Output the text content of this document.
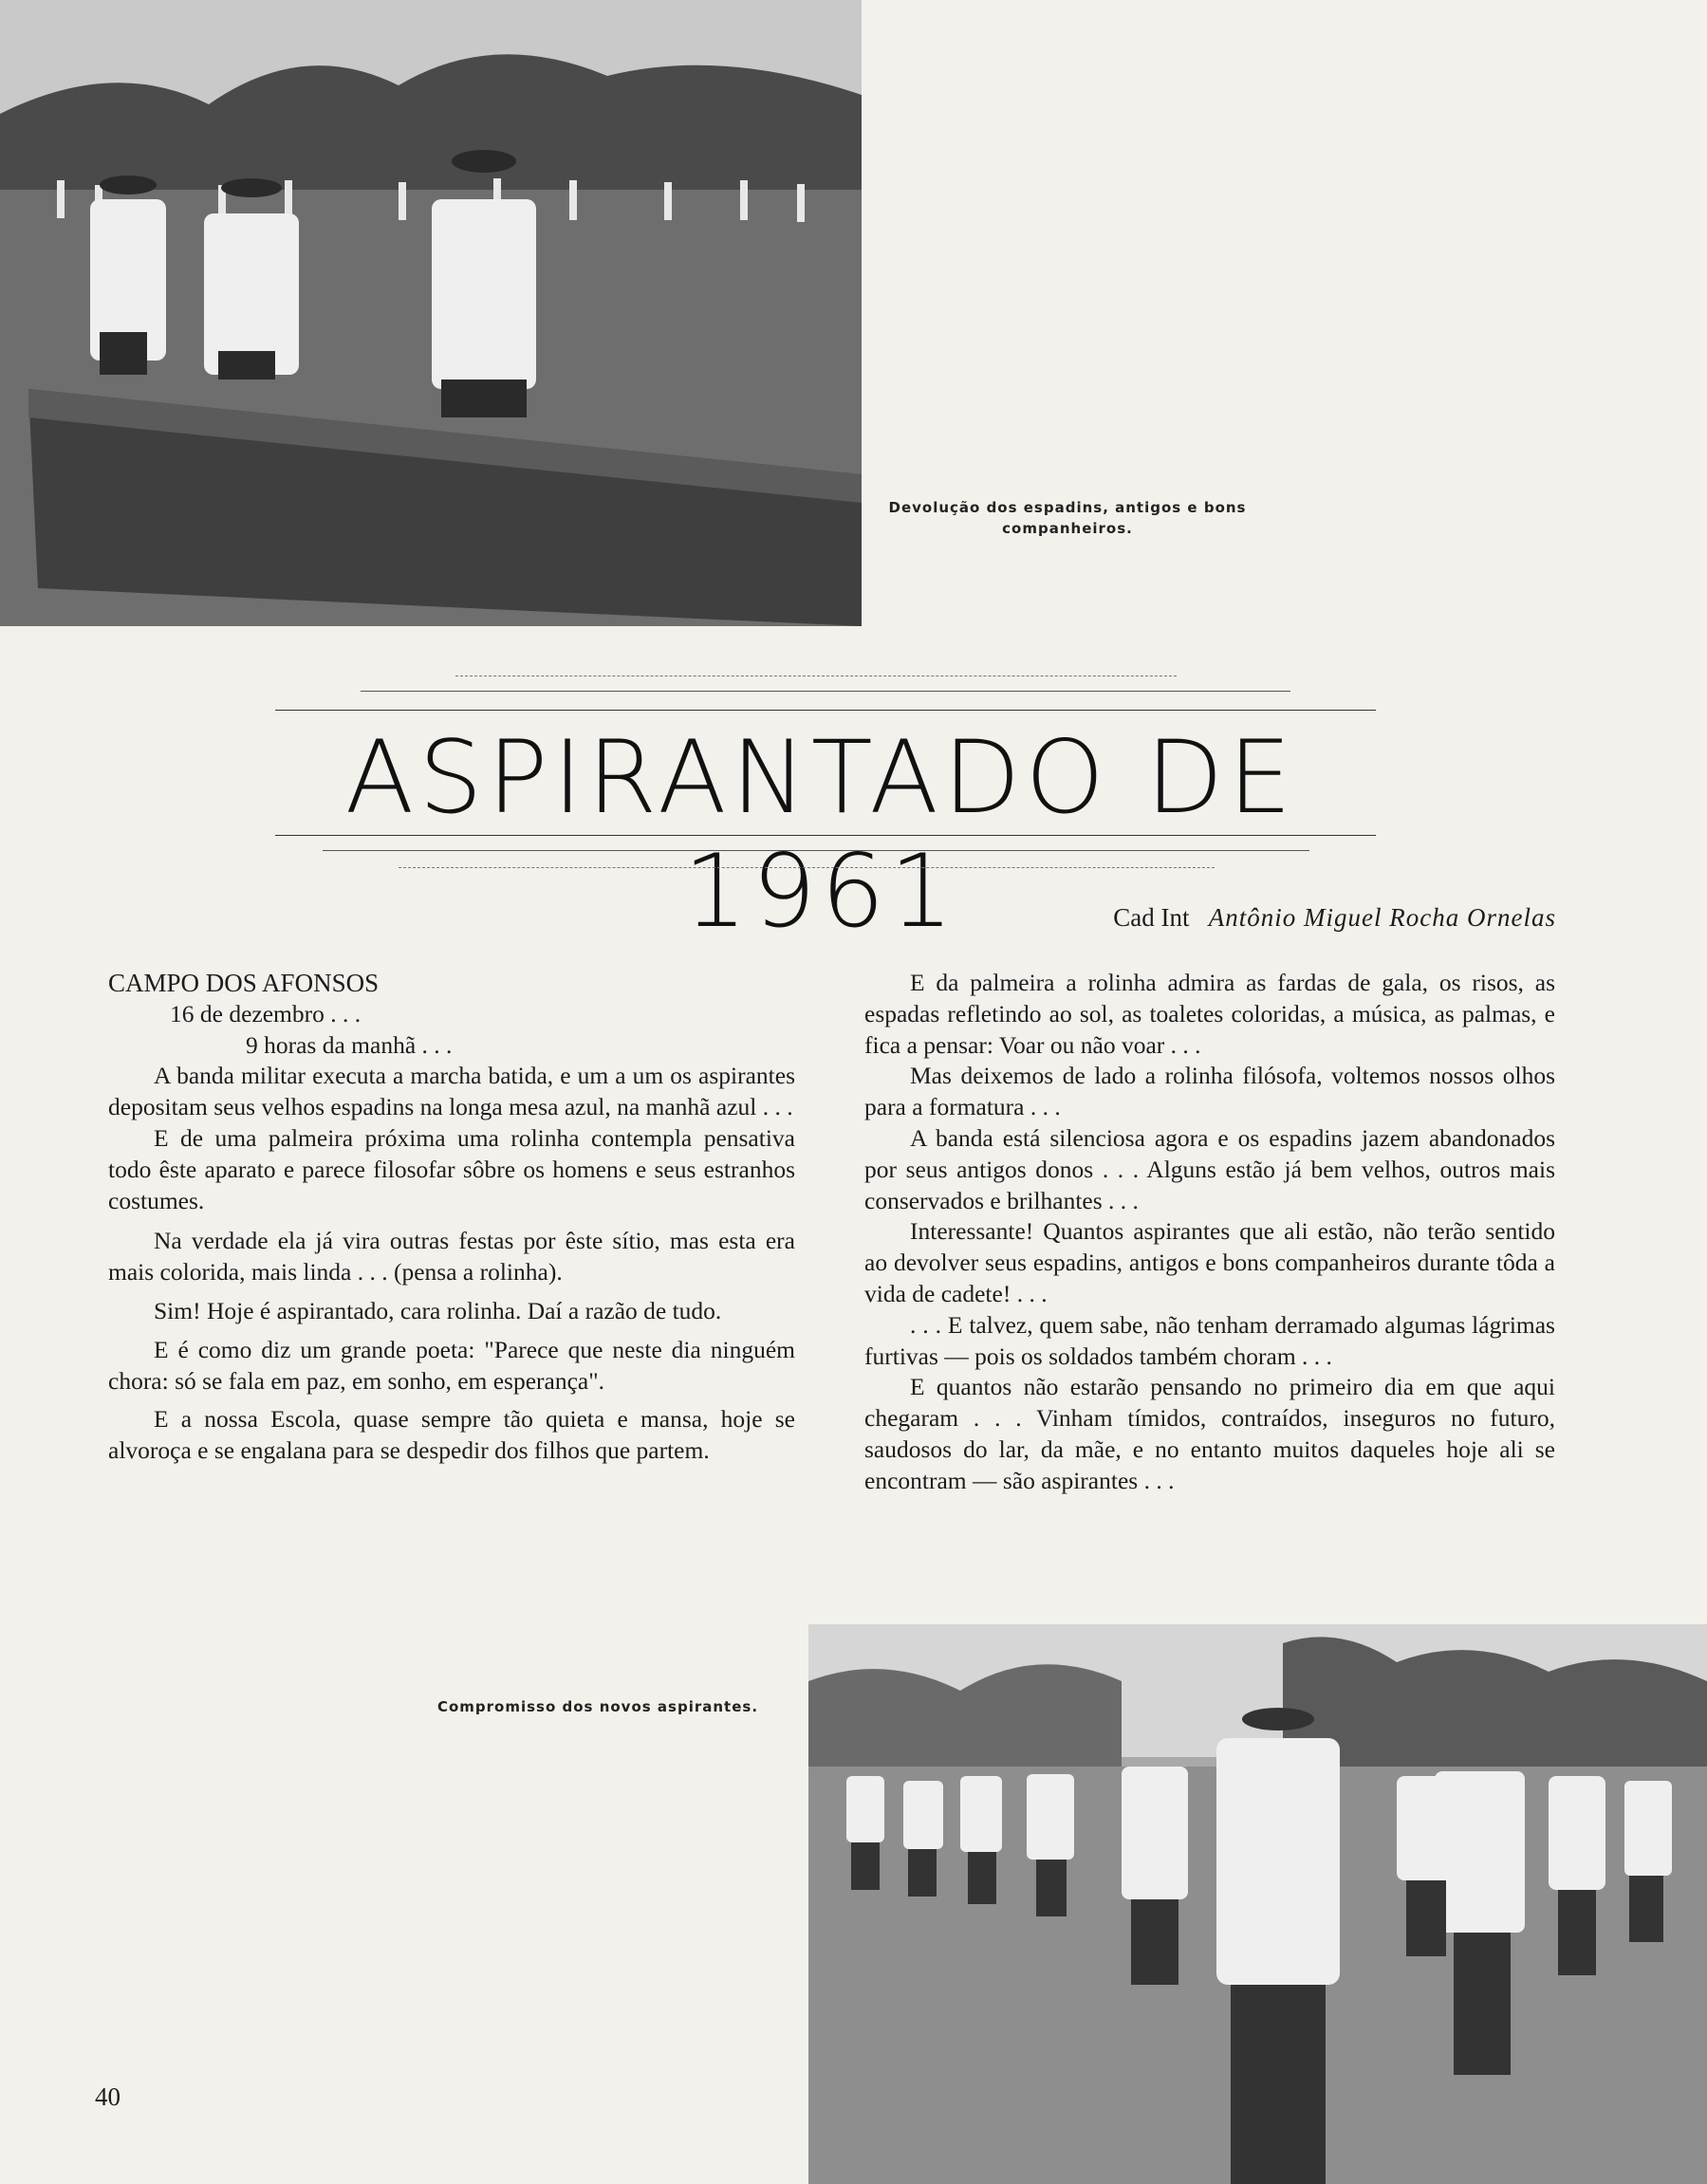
Devolução dos espadins, antigos e bons companheiros.
ASPIRANTADO DE 1961	Cad Int Antônio Miguel Rocha Ornelas

CAMPO DOS AFONSOS

16 de dezembro . . .

9 horas da manhã . . .

A banda militar executa a marcha batida, e um a um os aspirantes depositam seus velhos espadins na longa mesa azul, na manhã azul . . .

E de uma palmeira próxima uma rolinha contempla pensativa todo êste aparato e parece filosofar sôbre os homens e seus estranhos costumes.

Na verdade ela já vira outras festas por êste sítio, mas esta era mais colorida, mais linda . . . (pensa a rolinha).

Sim! Hoje é aspirantado, cara rolinha. Daí a razão de tudo.

E é como diz um grande poeta: "Parece que neste dia ninguém chora: só se fala em paz, em sonho, em esperança".

E a nossa Escola, quase sempre tão quieta e mansa, hoje se alvoroça e se engalana para se despedir dos filhos que partem.

E da palmeira a rolinha admira as fardas de gala, os risos, as espadas refletindo ao sol, as toaletes coloridas, a música, as palmas, e fica a pensar: Voar ou não voar . . .

Mas deixemos de lado a rolinha filósofa, voltemos nossos olhos para a formatura . . .

A banda está silenciosa agora e os espadins jazem abandonados por seus antigos donos . . . Alguns estão já bem velhos, outros mais conservados e brilhantes . . .

Interessante! Quantos aspirantes que ali estão, não terão sentido ao devolver seus espadins, antigos e bons companheiros durante tôda a vida de cadete! . . .

. . . E talvez, quem sabe, não tenham derramado algumas lágrimas furtivas — pois os soldados também choram . . .

E quantos não estarão pensando no primeiro dia em que aqui chegaram . . . Vinham tímidos, contraídos, inseguros no futuro, saudosos do lar, da mãe, e no entanto muitos daqueles hoje ali se encontram — são aspirantes . . .

Compromisso dos novos aspirantes.
40
